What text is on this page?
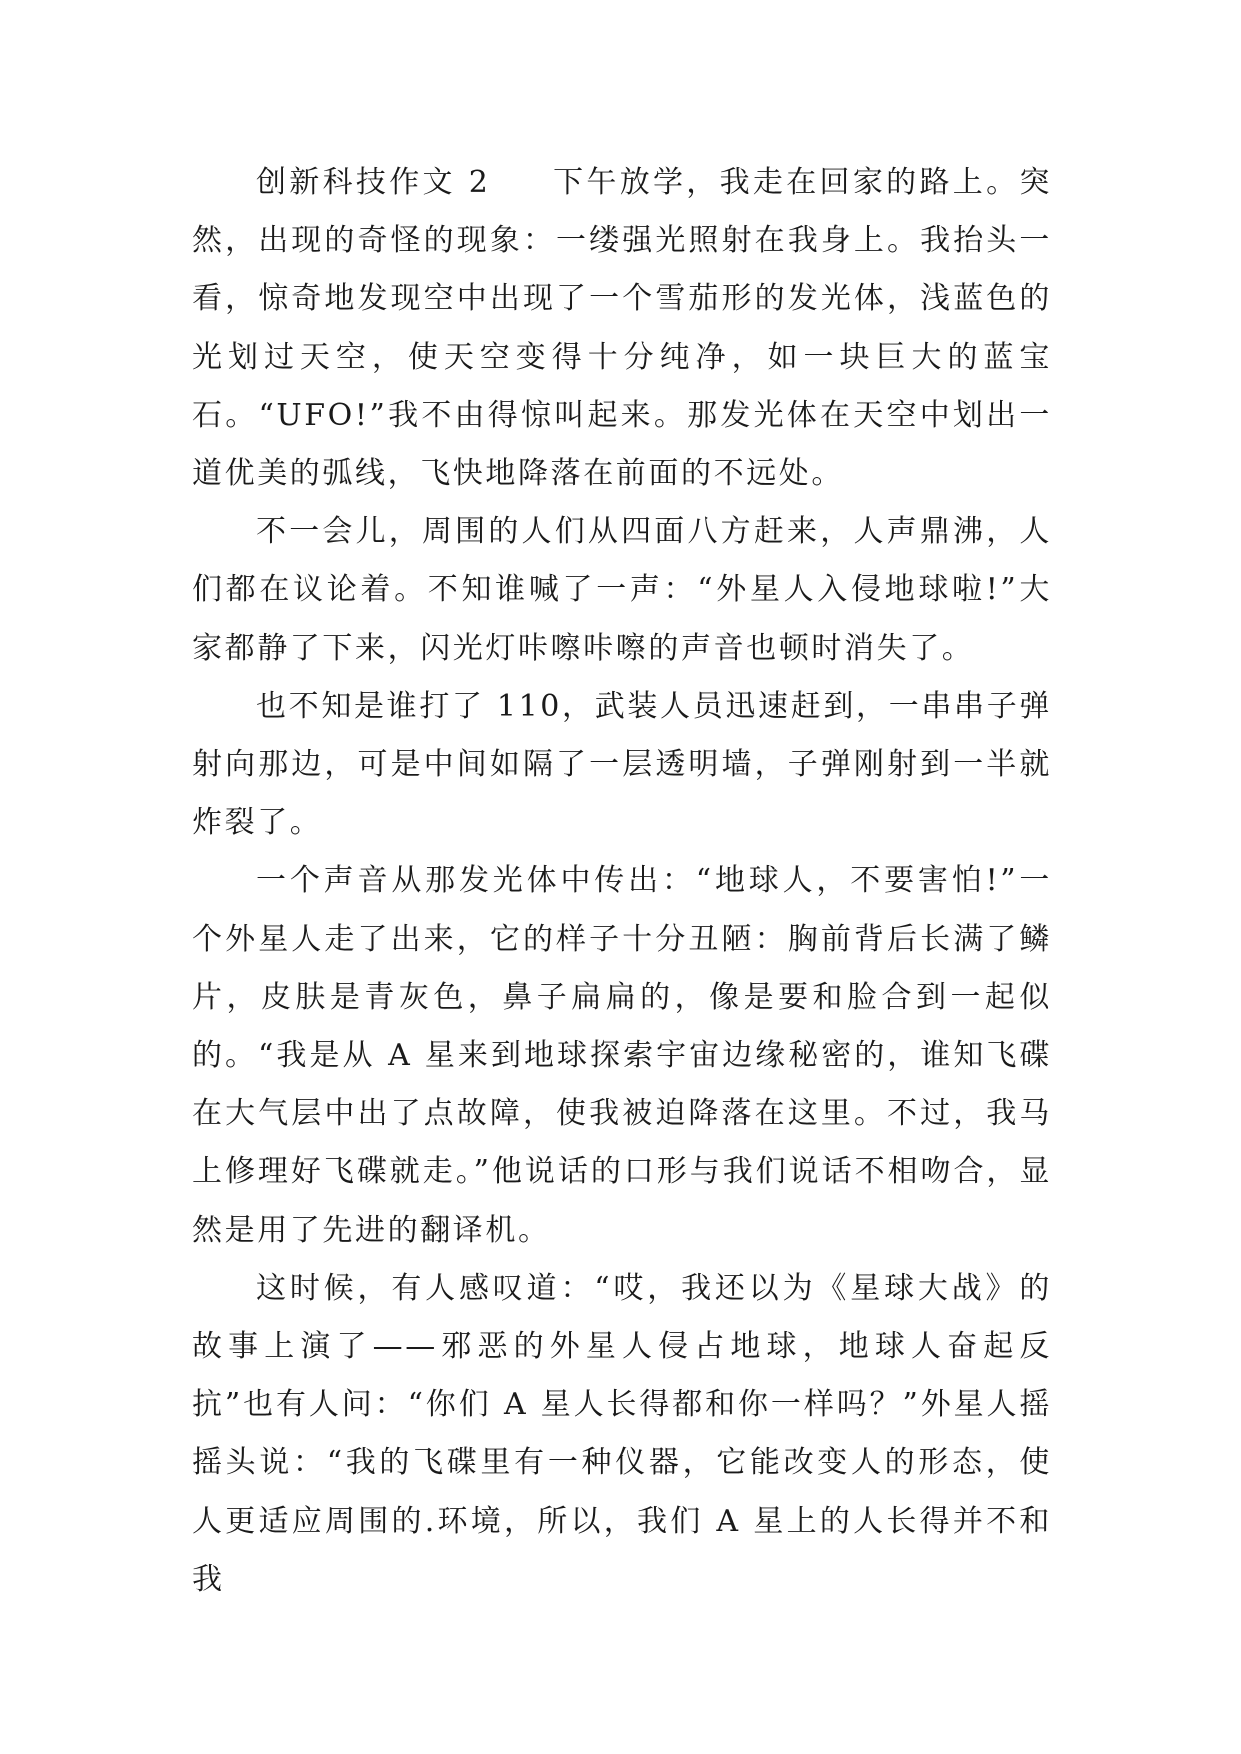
创新科技作文 2 下午放学，我走在回家的路上。突然，出现的奇怪的现象：一缕强光照射在我身上。我抬头一看，惊奇地发现空中出现了一个雪茄形的发光体，浅蓝色的光划过天空，使天空变得十分纯净，如一块巨大的蓝宝石。“UFO!”我不由得惊叫起来。那发光体在天空中划出一道优美的弧线，飞快地降落在前面的不远处。

不一会儿，周围的人们从四面八方赶来，人声鼎沸，人们都在议论着。不知谁喊了一声：“外星人入侵地球啦!”大家都静了下来，闪光灯咔嚓咔嚓的声音也顿时消失了。

也不知是谁打了 110，武装人员迅速赶到，一串串子弹射向那边，可是中间如隔了一层透明墙，子弹刚射到一半就炸裂了。

一个声音从那发光体中传出：“地球人，不要害怕!”一个外星人走了出来，它的样子十分丑陋：胸前背后长满了鳞片，皮肤是青灰色，鼻子扁扁的，像是要和脸合到一起似的。“我是从 A 星来到地球探索宇宙边缘秘密的，谁知飞碟在大气层中出了点故障，使我被迫降落在这里。不过，我马上修理好飞碟就走。”他说话的口形与我们说话不相吻合，显然是用了先进的翻译机。

这时候，有人感叹道：“哎，我还以为《星球大战》的故事上演了——邪恶的外星人侵占地球，地球人奋起反抗”也有人问：“你们 A 星人长得都和你一样吗？”外星人摇摇头说：“我的飞碟里有一种仪器，它能改变人的形态，使人更适应周围的.环境，所以，我们 A 星上的人长得并不和我
